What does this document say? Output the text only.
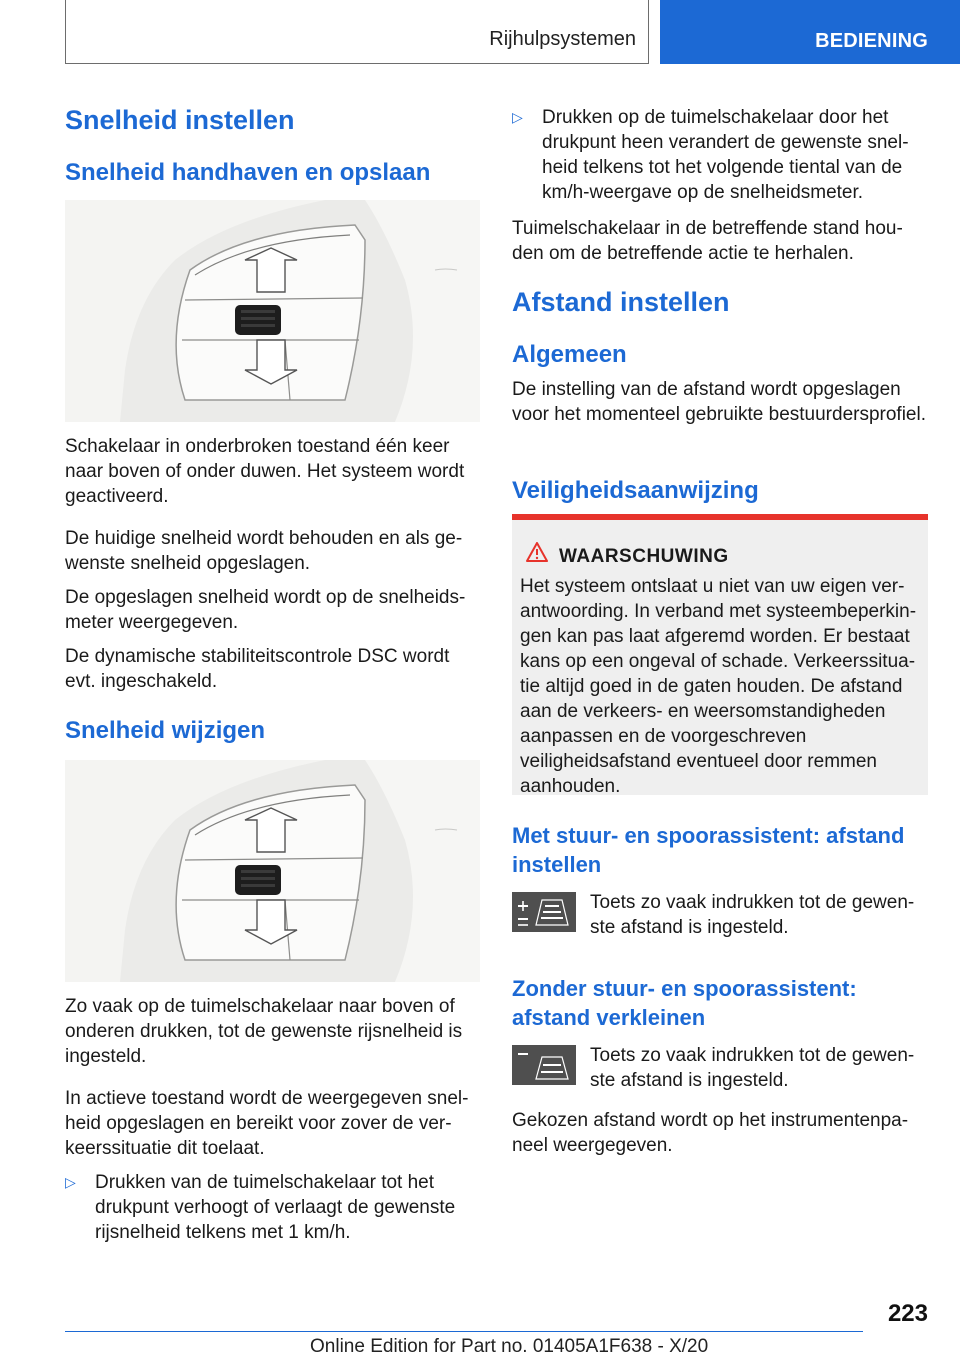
Rijhulpsystemen	BEDIENING
Snelheid instellen
Snelheid handhaven en opslaan

Schakelaar in onderbroken toestand één keer naar boven of onder duwen. Het systeem wordt geactiveerd.

De huidige snelheid wordt behouden en als gewenste snelheid opgeslagen.

De opgeslagen snelheid wordt op de snelheidsmeter weergegeven.

De dynamische stabiliteitscontrole DSC wordt evt. ingeschakeld.

Snelheid wijzigen

Zo vaak op de tuimelschakelaar naar boven of onderen drukken, tot de gewenste rijsnelheid is ingesteld.

In actieve toestand wordt de weergegeven snelheid opgeslagen en bereikt voor zover de verkeerssituatie dit toelaat.

▷ Drukken van de tuimelschakelaar tot het drukpunt verhoogt of verlaagt de gewenste rijsnelheid telkens met 1 km/h.
▷ Drukken op de tuimelschakelaar door het drukpunt heen verandert de gewenste snelheid telkens tot het volgende tiental van de km/h-weergave op de snelheidsmeter.

Tuimelschakelaar in de betreffende stand houden om de betreffende actie te herhalen.

Afstand instellen
Algemeen

De instelling van de afstand wordt opgeslagen voor het momenteel gebruikte bestuurdersprofiel.

Veiligheidsaanwijzing
WAARSCHUWING
Het systeem ontslaat u niet van uw eigen verantwoording. In verband met systeembeperkingen kan pas laat afgeremd worden. Er bestaat kans op een ongeval of schade. Verkeerssituatie altijd goed in de gaten houden. De afstand aan de verkeers- en weersomstandigheden aanpassen en de voorgeschreven veiligheidsafstand eventueel door remmen aanhouden.
Met stuur- en spoorassistent: afstand instellen

Toets zo vaak indrukken tot de gewenste afstand is ingesteld.

Zonder stuur- en spoorassistent: afstand verkleinen

Toets zo vaak indrukken tot de gewenste afstand is ingesteld.

Gekozen afstand wordt op het instrumentenpaneel weergegeven.

223
Online Edition for Part no. 01405A1F638 - X/20
